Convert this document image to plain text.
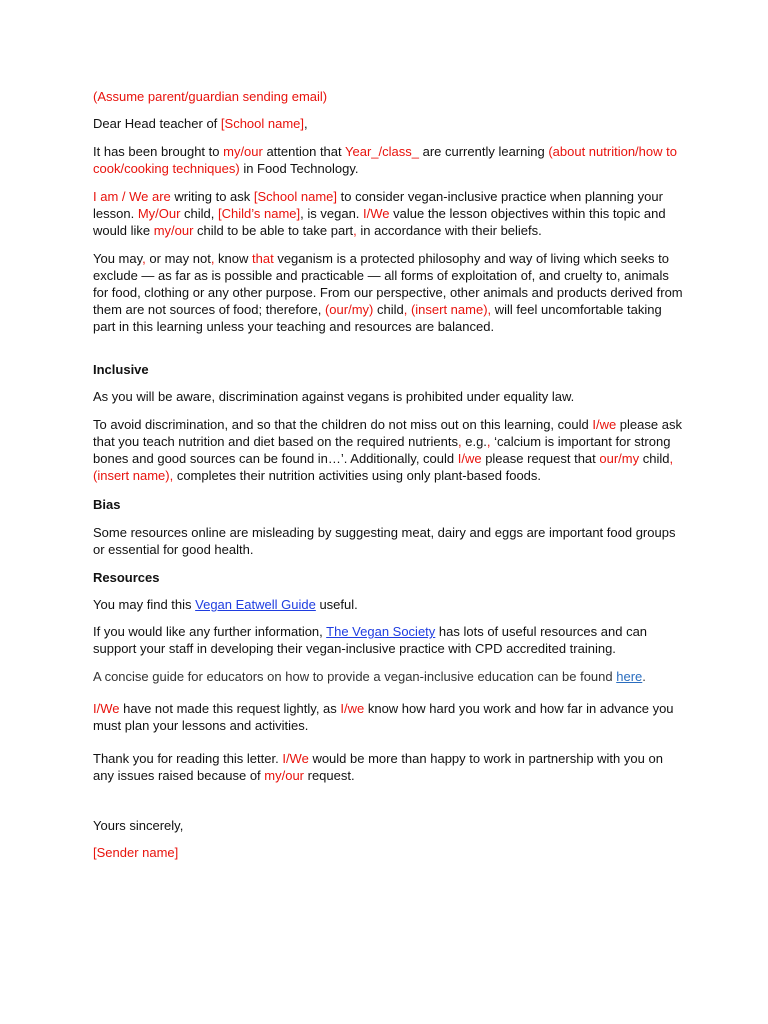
(Assume parent/guardian sending email)

Dear Head teacher of [School name],

It has been brought to my/our attention that Year_/class_ are currently learning (about nutrition/how to cook/cooking techniques) in Food Technology.

I am / We are writing to ask [School name] to consider vegan-inclusive practice when planning your lesson. My/Our child, [Child’s name], is vegan. I/We value the lesson objectives within this topic and would like my/our child to be able to take part, in accordance with their beliefs.

You may, or may not, know that veganism is a protected philosophy and way of living which seeks to exclude — as far as is possible and practicable — all forms of exploitation of, and cruelty to, animals for food, clothing or any other purpose. From our perspective, other animals and products derived from them are not sources of food; therefore, (our/my) child, (insert name), will feel uncomfortable taking part in this learning unless your teaching and resources are balanced.

Inclusive

As you will be aware, discrimination against vegans is prohibited under equality law.

To avoid discrimination, and so that the children do not miss out on this learning, could I/we please ask that you teach nutrition and diet based on the required nutrients, e.g., ‘calcium is important for strong bones and good sources can be found in…’. Additionally, could I/we please request that our/my child, (insert name), completes their nutrition activities using only plant-based foods.

Bias

Some resources online are misleading by suggesting meat, dairy and eggs are important food groups or essential for good health.

Resources

You may find this Vegan Eatwell Guide useful.

If you would like any further information, The Vegan Society has lots of useful resources and can support your staff in developing their vegan-inclusive practice with CPD accredited training.

A concise guide for educators on how to provide a vegan-inclusive education can be found here.

I/We have not made this request lightly, as I/we know how hard you work and how far in advance you must plan your lessons and activities.

Thank you for reading this letter. I/We would be more than happy to work in partnership with you on any issues raised because of my/our request.

Yours sincerely,

[Sender name]
